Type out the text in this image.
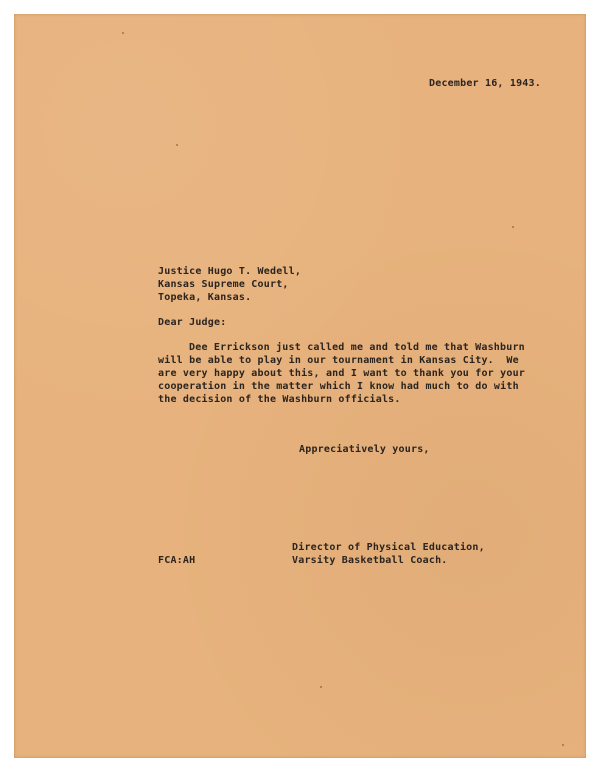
December 16, 1943.

Justice Hugo T. Wedell,

Kansas Supreme Court,

Topeka, Kansas.

Dear Judge:

Dee Errickson just called me and told me that Washburn

will be able to play in our tournament in Kansas City.  We

are very happy about this, and I want to thank you for your

cooperation in the matter which I know had much to do with

the decision of the Washburn officials.

Appreciatively yours,

Director of Physical Education,

Varsity Basketball Coach.

FCA:AH
